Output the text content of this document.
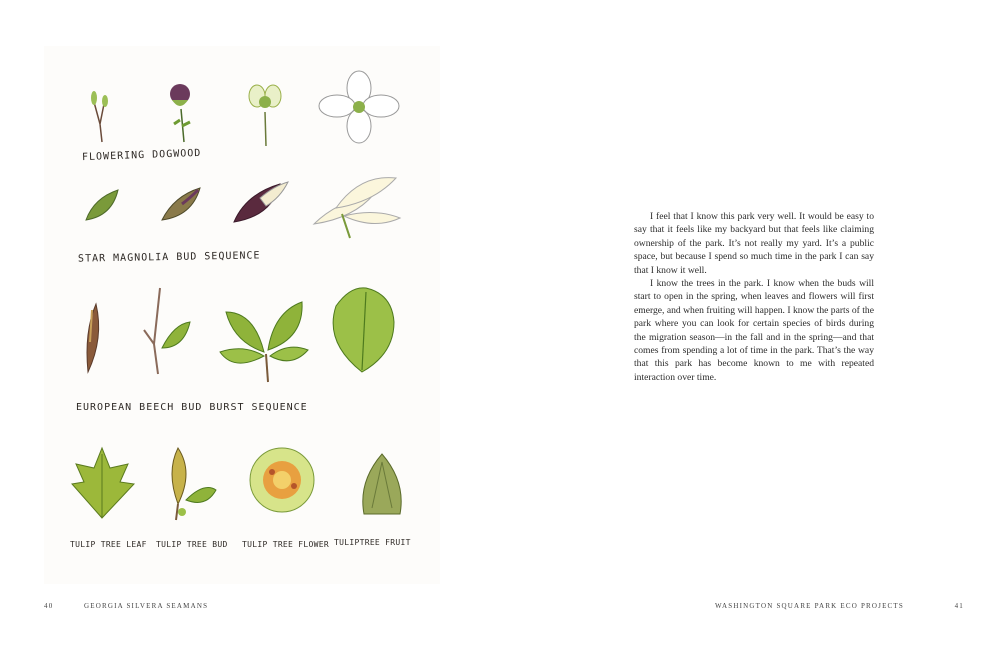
FLOWERING DOGWOOD
STAR MAGNOLIA BUD SEQUENCE
EUROPEAN BEECH BUD BURST SEQUENCE
TULIP TREE LEAF TULIP TREE BUD TULIP TREE FLOWER TULIPTREE FRUIT

I feel that I know this park very well. It would be easy to say that it feels like my backyard but that feels like claiming ownership of the park. It’s not really my yard. It’s a public space, but because I spend so much time in the park I can say that I know it well.

I know the trees in the park. I know when the buds will start to open in the spring, when leaves and flowers will first emerge, and when fruiting will happen. I know the parts of the park where you can look for certain species of birds during the migration season—in the fall and in the spring—and that comes from spending a lot of time in the park. That’s the way that this park has become known to me with repeated interaction over time.

40	GEORGIA SILVERA SEAMANS	WASHINGTON SQUARE PARK ECO PROJECTS	41
